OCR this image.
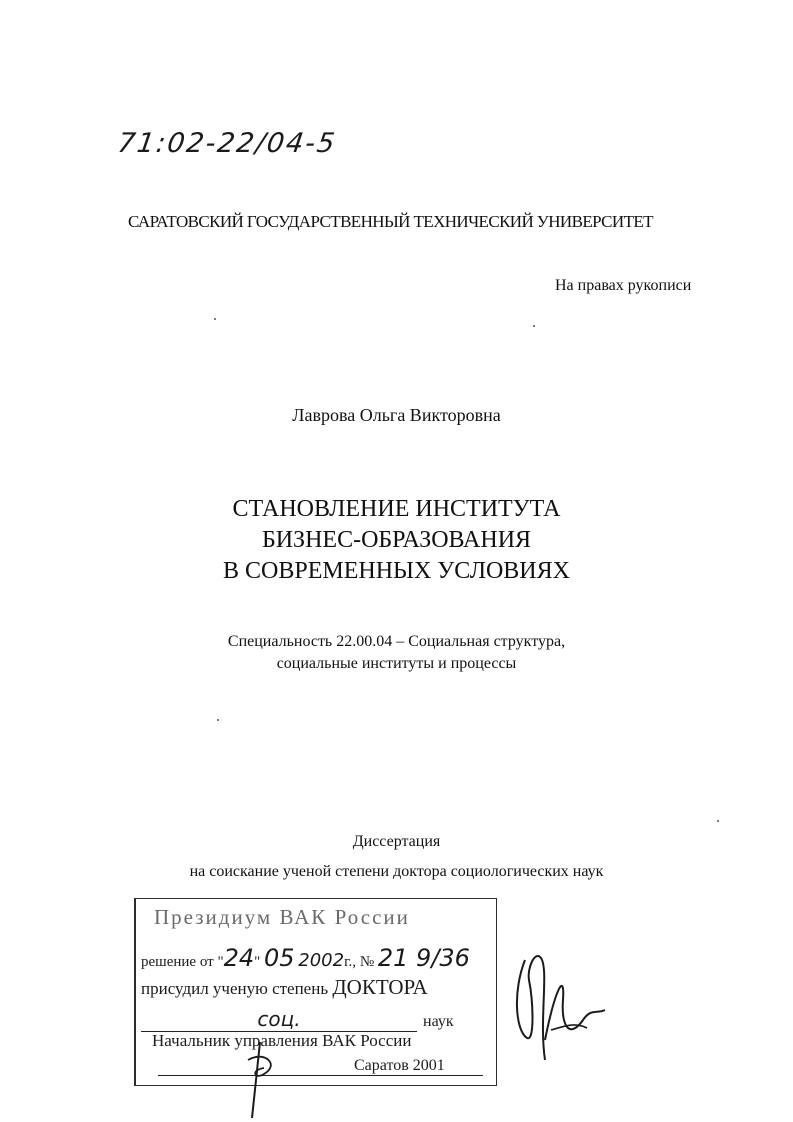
71:02-22/04-5
САРАТОВСКИЙ ГОСУДАРСТВЕННЫЙ ТЕХНИЧЕСКИЙ УНИВЕРСИТЕТ
На правах рукописи
Лаврова Ольга Викторовна
СТАНОВЛЕНИЕ ИНСТИТУТА
БИЗНЕС-ОБРАЗОВАНИЯ
В СОВРЕМЕННЫХ УСЛОВИЯХ
Специальность 22.00.04 – Социальная структура,
социальные институты и процессы
Диссертация
на соискание ученой степени доктора социологических наук
Президиум ВАК России
решение от "24" 05 2002г., № 21 9/36
присудил ученую степень ДОКТОРА
соц.	наук
Начальник управления ВАК России
Саратов 2001
